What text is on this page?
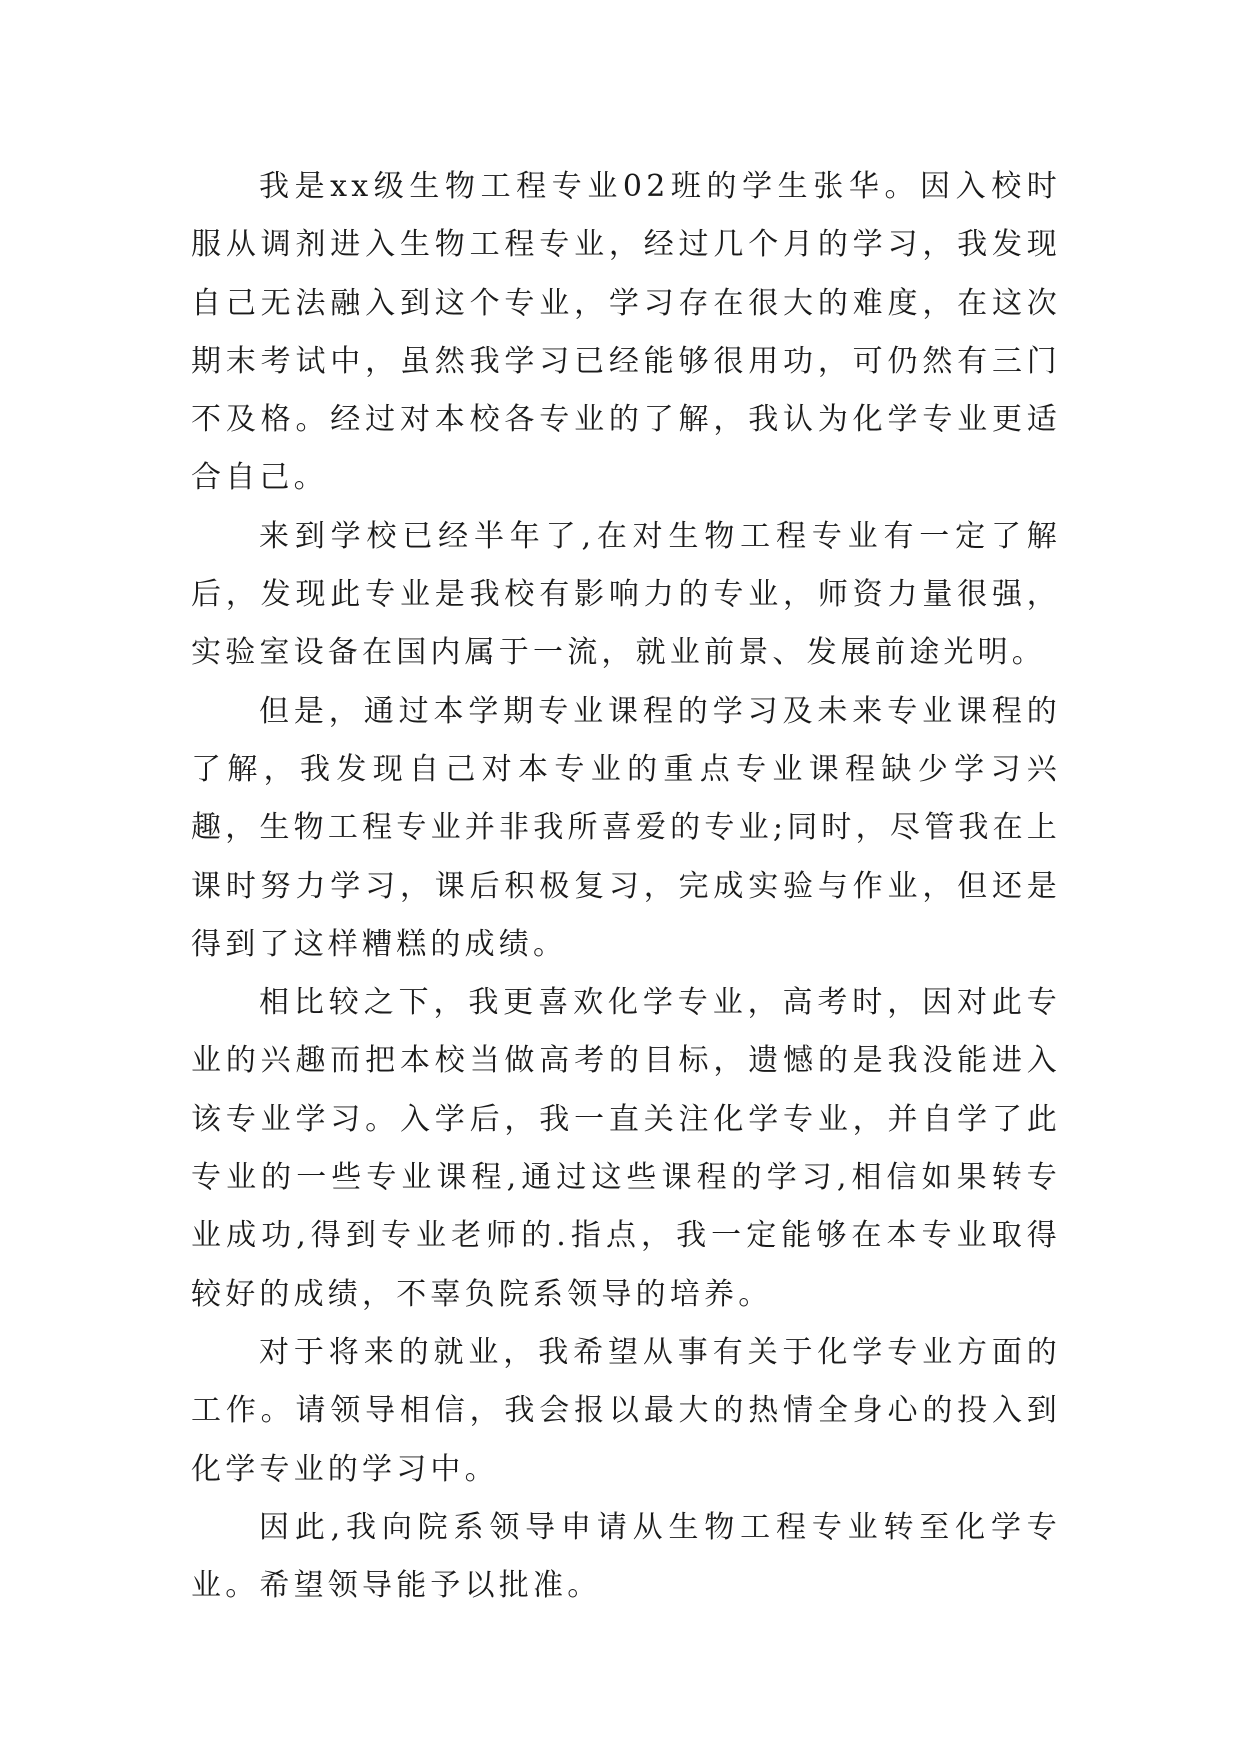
我是xx级生物工程专业02班的学生张华。因入校时服从调剂进入生物工程专业，经过几个月的学习，我发现自己无法融入到这个专业，学习存在很大的难度，在这次期末考试中，虽然我学习已经能够很用功，可仍然有三门不及格。经过对本校各专业的了解，我认为化学专业更适合自己。

来到学校已经半年了,在对生物工程专业有一定了解后，发现此专业是我校有影响力的专业，师资力量很强，实验室设备在国内属于一流，就业前景、发展前途光明。

但是，通过本学期专业课程的学习及未来专业课程的了解，我发现自己对本专业的重点专业课程缺少学习兴趣，生物工程专业并非我所喜爱的专业;同时，尽管我在上课时努力学习，课后积极复习，完成实验与作业，但还是得到了这样糟糕的成绩。

相比较之下，我更喜欢化学专业，高考时，因对此专业的兴趣而把本校当做高考的目标，遗憾的是我没能进入该专业学习。入学后，我一直关注化学专业，并自学了此专业的一些专业课程,通过这些课程的学习,相信如果转专业成功,得到专业老师的.指点，我一定能够在本专业取得较好的成绩，不辜负院系领导的培养。

对于将来的就业，我希望从事有关于化学专业方面的工作。请领导相信，我会报以最大的热情全身心的投入到化学专业的学习中。

因此,我向院系领导申请从生物工程专业转至化学专业。希望领导能予以批准。
